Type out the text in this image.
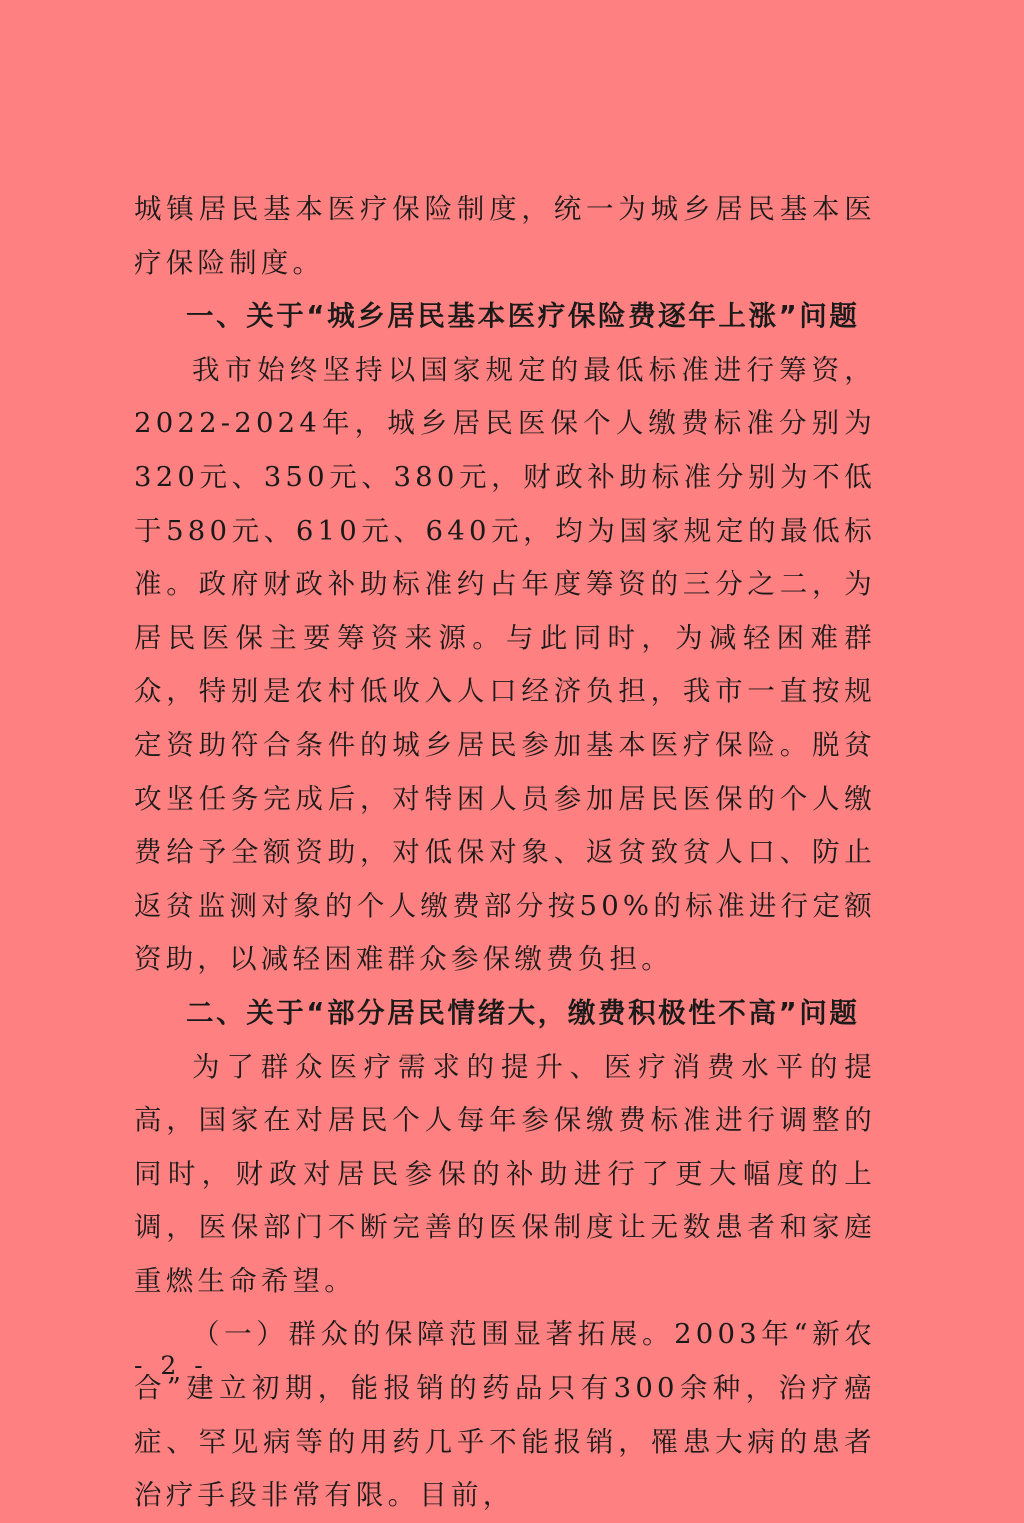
城镇居民基本医疗保险制度，统一为城乡居民基本医疗保险制度。

一、关于“城乡居民基本医疗保险费逐年上涨”问题

我市始终坚持以国家规定的最低标准进行筹资，2022-2024年，城乡居民医保个人缴费标准分别为320元、350元、380元，财政补助标准分别为不低于580元、610元、640元，均为国家规定的最低标准。政府财政补助标准约占年度筹资的三分之二，为居民医保主要筹资来源。与此同时，为减轻困难群众，特别是农村低收入人口经济负担，我市一直按规定资助符合条件的城乡居民参加基本医疗保险。脱贫攻坚任务完成后，对特困人员参加居民医保的个人缴费给予全额资助，对低保对象、返贫致贫人口、防止返贫监测对象的个人缴费部分按50%的标准进行定额资助，以减轻困难群众参保缴费负担。

二、关于“部分居民情绪大，缴费积极性不高”问题

为了群众医疗需求的提升、医疗消费水平的提高，国家在对居民个人每年参保缴费标准进行调整的同时，财政对居民参保的补助进行了更大幅度的上调，医保部门不断完善的医保制度让无数患者和家庭重燃生命希望。

（一）群众的保障范围显著拓展。2003年“新农合”建立初期，能报销的药品只有300余种，治疗癌症、罕见病等的用药几乎不能报销，罹患大病的患者治疗手段非常有限。目前，

- 2 -
